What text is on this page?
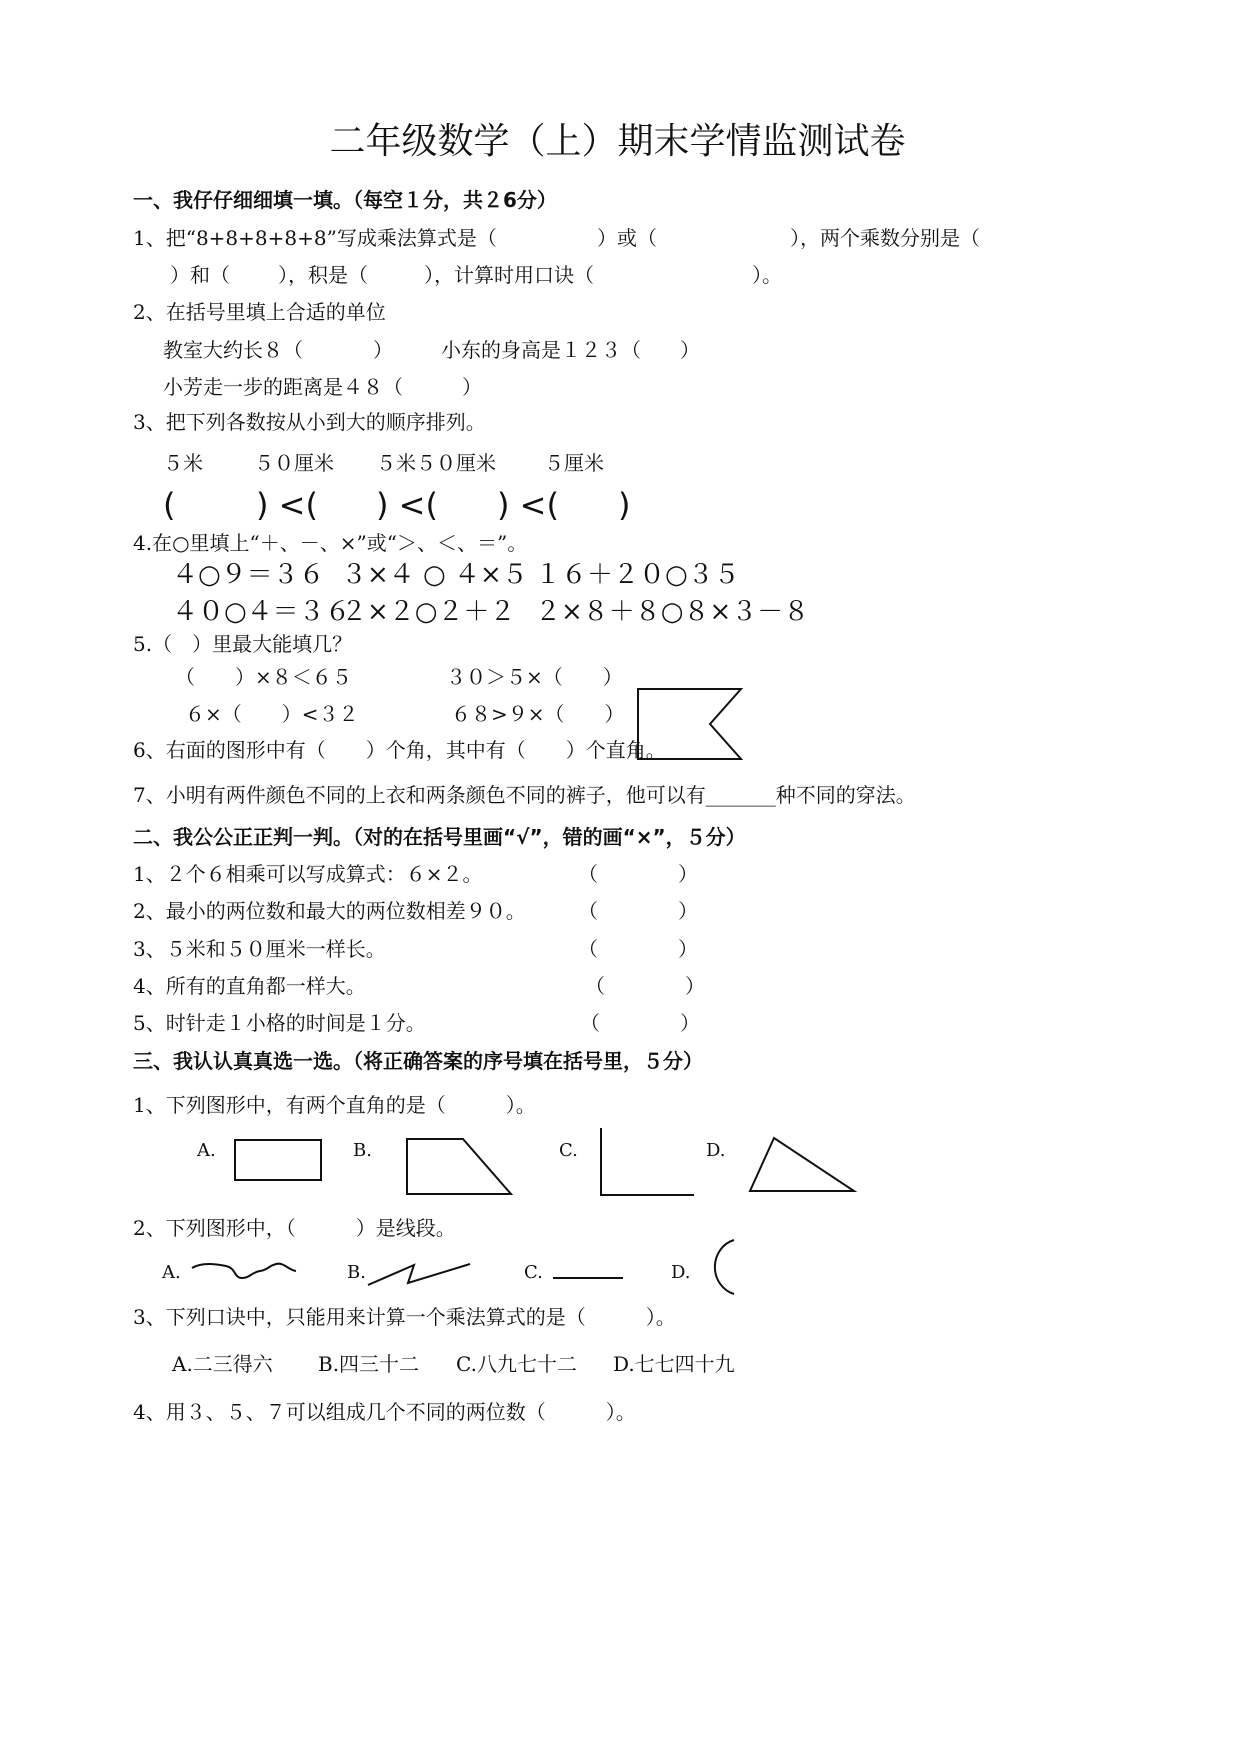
二年级数学（上）期末学情监测试卷
一、我仔仔细细填一填。（每空１分，共２6分）
1、把“8+8+8+8+8”写成乘法算式是（	）或（	），两个乘数分别是（
）和（ ），积是（	），计算时用口诀（	）。
2、在括号里填上合适的单位
教室大约长８（	） 小东的身高是１２３（ ）
小芳走一步的距离是４８（	）
3、把下列各数按从小到大的顺序排列。
５米	５０厘米 ５米５０厘米 ５厘米
(	) <( ) <( ) <( )
4.在○里填上“＋、－、×”或“＞、＜、＝”。
４○９＝３６ ３×４ ○ ４×５ １６＋２０○３５
４０○４＝３６
２×２○２＋２ ２×８＋８○８×３－８
5.（　）里最大能填几？
（　　）×８＜６５	３０＞５×（　　）
６×（　　）<３２	６８>９×（　　）
6、右面的图形中有（　　）个角，其中有（　　）个直角。
7、小明有两件颜色不同的上衣和两条颜色不同的裤子，他可以有_______种不同的穿法。
二、我公公正正判一判。（对的在括号里画“√”，错的画“×”，５分）
1、２个６相乘可以写成算式：６×２。	（　　　　）
2、最小的两位数和最大的两位数相差９０。	（　　　　）
3、５米和５０厘米一样长。	（　　　　）
4、所有的直角都一样大。	（　　　　）
5、时针走１小格的时间是１分。	（　　　　）
三、我认认真真选一选。（将正确答案的序号填在括号里，５分）
1、下列图形中，有两个直角的是（　　　）。
A.	B.	C.	D.
2、下列图形中，（　　　）是线段。
A.	B.	C.	D.
3、下列口诀中，只能用来计算一个乘法算式的是（　　　）。
A.二三得六 B.四三十二 C.八九七十二 D.七七四十九
4、用３、５、７可以组成几个不同的两位数（　　　）。
